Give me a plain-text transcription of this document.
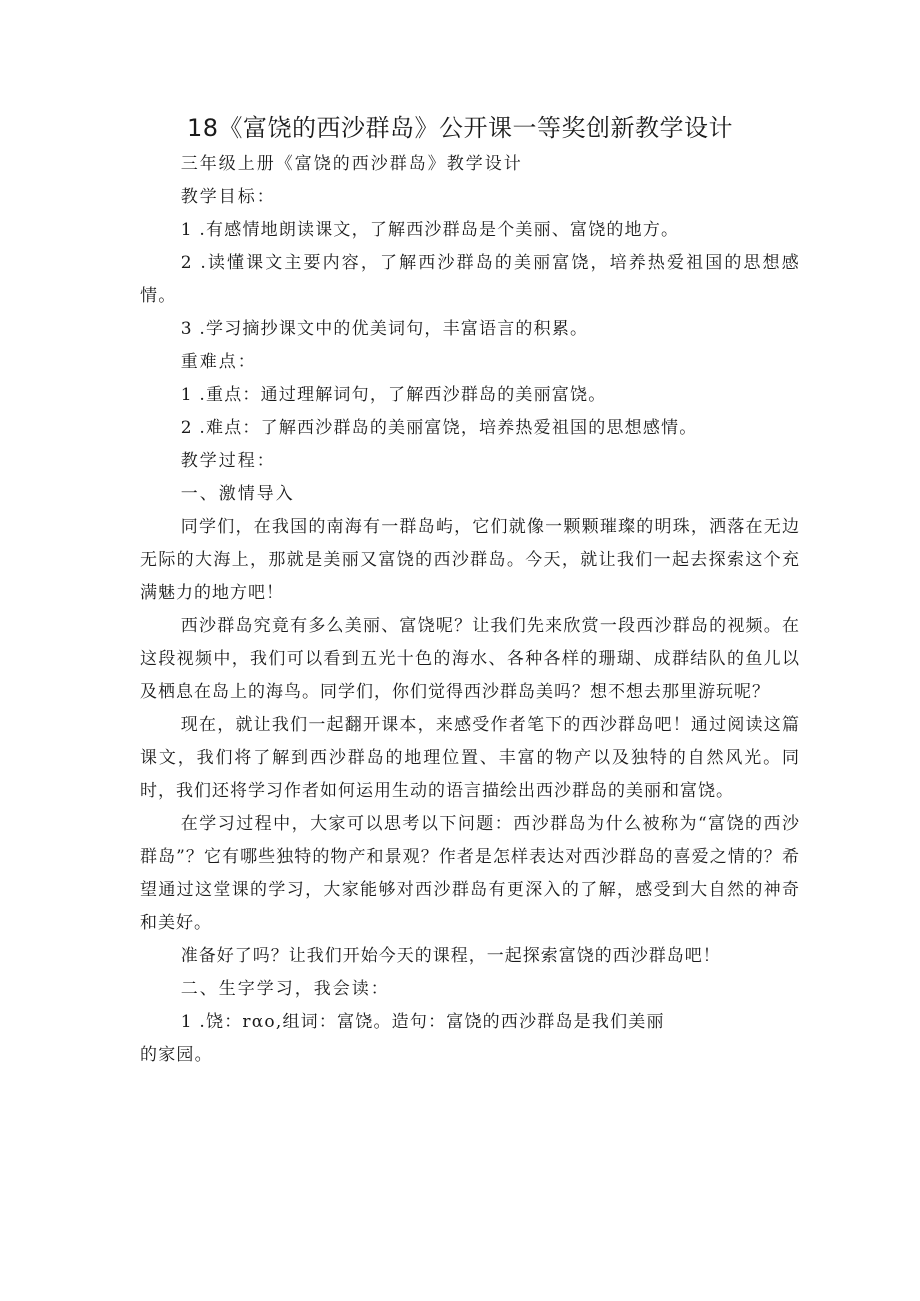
18《富饶的西沙群岛》公开课一等奖创新教学设计

三年级上册《富饶的西沙群岛》教学设计

教学目标：

1 .有感情地朗读课文，了解西沙群岛是个美丽、富饶的地方。

2 .读懂课文主要内容，了解西沙群岛的美丽富饶，培养热爱祖国的思想感情。

3 .学习摘抄课文中的优美词句，丰富语言的积累。

重难点：

1 .重点：通过理解词句，了解西沙群岛的美丽富饶。

2 .难点：了解西沙群岛的美丽富饶，培养热爱祖国的思想感情。

教学过程：

一、激情导入

同学们，在我国的南海有一群岛屿，它们就像一颗颗璀璨的明珠，洒落在无边无际的大海上，那就是美丽又富饶的西沙群岛。今天，就让我们一起去探索这个充满魅力的地方吧！

西沙群岛究竟有多么美丽、富饶呢？让我们先来欣赏一段西沙群岛的视频。在这段视频中，我们可以看到五光十色的海水、各种各样的珊瑚、成群结队的鱼儿以及栖息在岛上的海鸟。同学们，你们觉得西沙群岛美吗？想不想去那里游玩呢？

现在，就让我们一起翻开课本，来感受作者笔下的西沙群岛吧！通过阅读这篇课文，我们将了解到西沙群岛的地理位置、丰富的物产以及独特的自然风光。同时，我们还将学习作者如何运用生动的语言描绘出西沙群岛的美丽和富饶。

在学习过程中，大家可以思考以下问题：西沙群岛为什么被称为“富饶的西沙群岛”？它有哪些独特的物产和景观？作者是怎样表达对西沙群岛的喜爱之情的？希望通过这堂课的学习，大家能够对西沙群岛有更深入的了解，感受到大自然的神奇和美好。

准备好了吗？让我们开始今天的课程，一起探索富饶的西沙群岛吧！

二、生字学习，我会读：

1 .饶：rαo,组词：富饶。造句：富饶的西沙群岛是我们美丽

的家园。
